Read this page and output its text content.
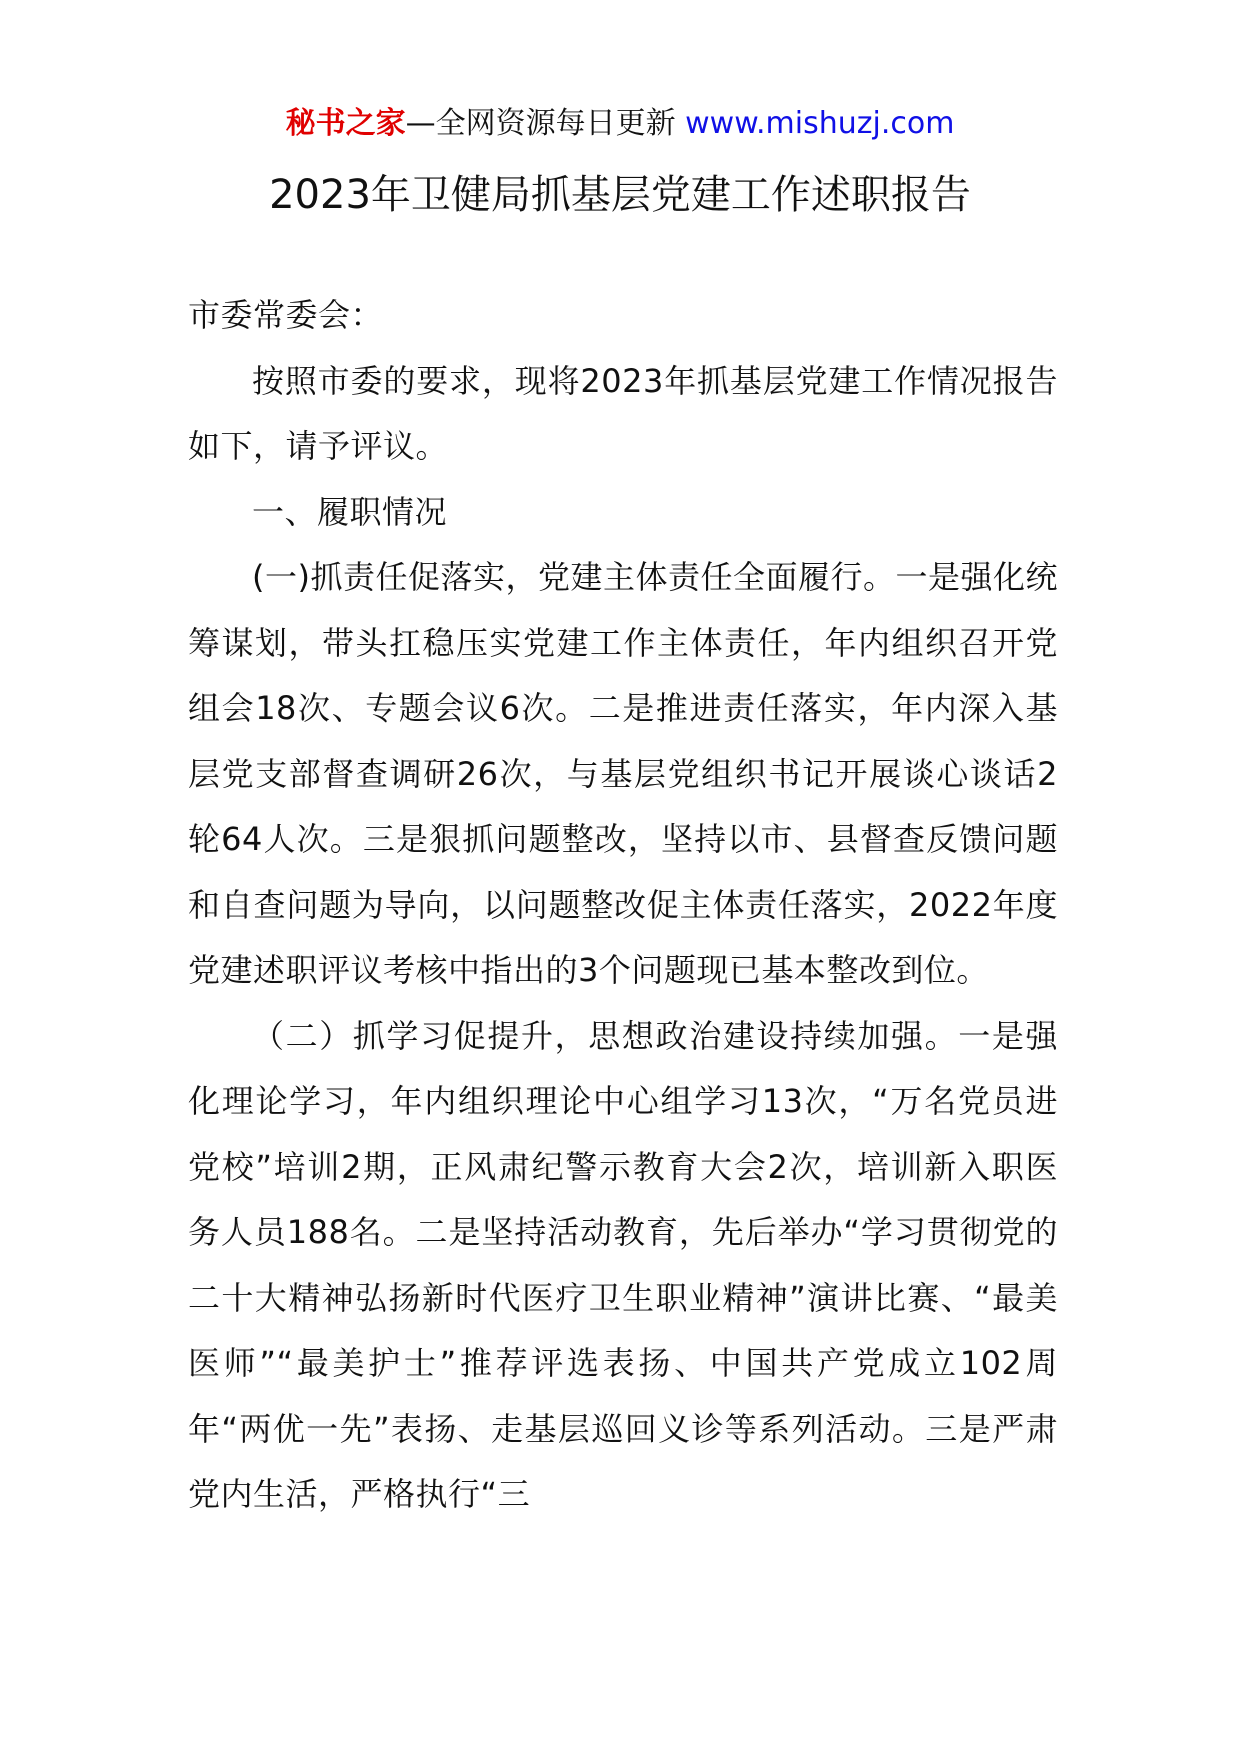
秘书之家—全网资源每日更新 www.mishuzj.com
2023年卫健局抓基层党建工作述职报告

市委常委会：

按照市委的要求，现将2023年抓基层党建工作情况报告如下，请予评议。

一、履职情况

(一)抓责任促落实，党建主体责任全面履行。一是强化统筹谋划，带头扛稳压实党建工作主体责任，年内组织召开党组会18次、专题会议6次。二是推进责任落实，年内深入基层党支部督查调研26次，与基层党组织书记开展谈心谈话2轮64人次。三是狠抓问题整改，坚持以市、县督查反馈问题和自查问题为导向，以问题整改促主体责任落实，2022年度党建述职评议考核中指出的3个问题现已基本整改到位。

（二）抓学习促提升，思想政治建设持续加强。一是强化理论学习，年内组织理论中心组学习13次，“万名党员进党校”培训2期，正风肃纪警示教育大会2次，培训新入职医务人员188名。二是坚持活动教育，先后举办“学习贯彻党的二十大精神弘扬新时代医疗卫生职业精神”演讲比赛、“最美医师”“最美护士”推荐评选表扬、中国共产党成立102周年“两优一先”表扬、走基层巡回义诊等系列活动。三是严肃党内生活，严格执行“三
